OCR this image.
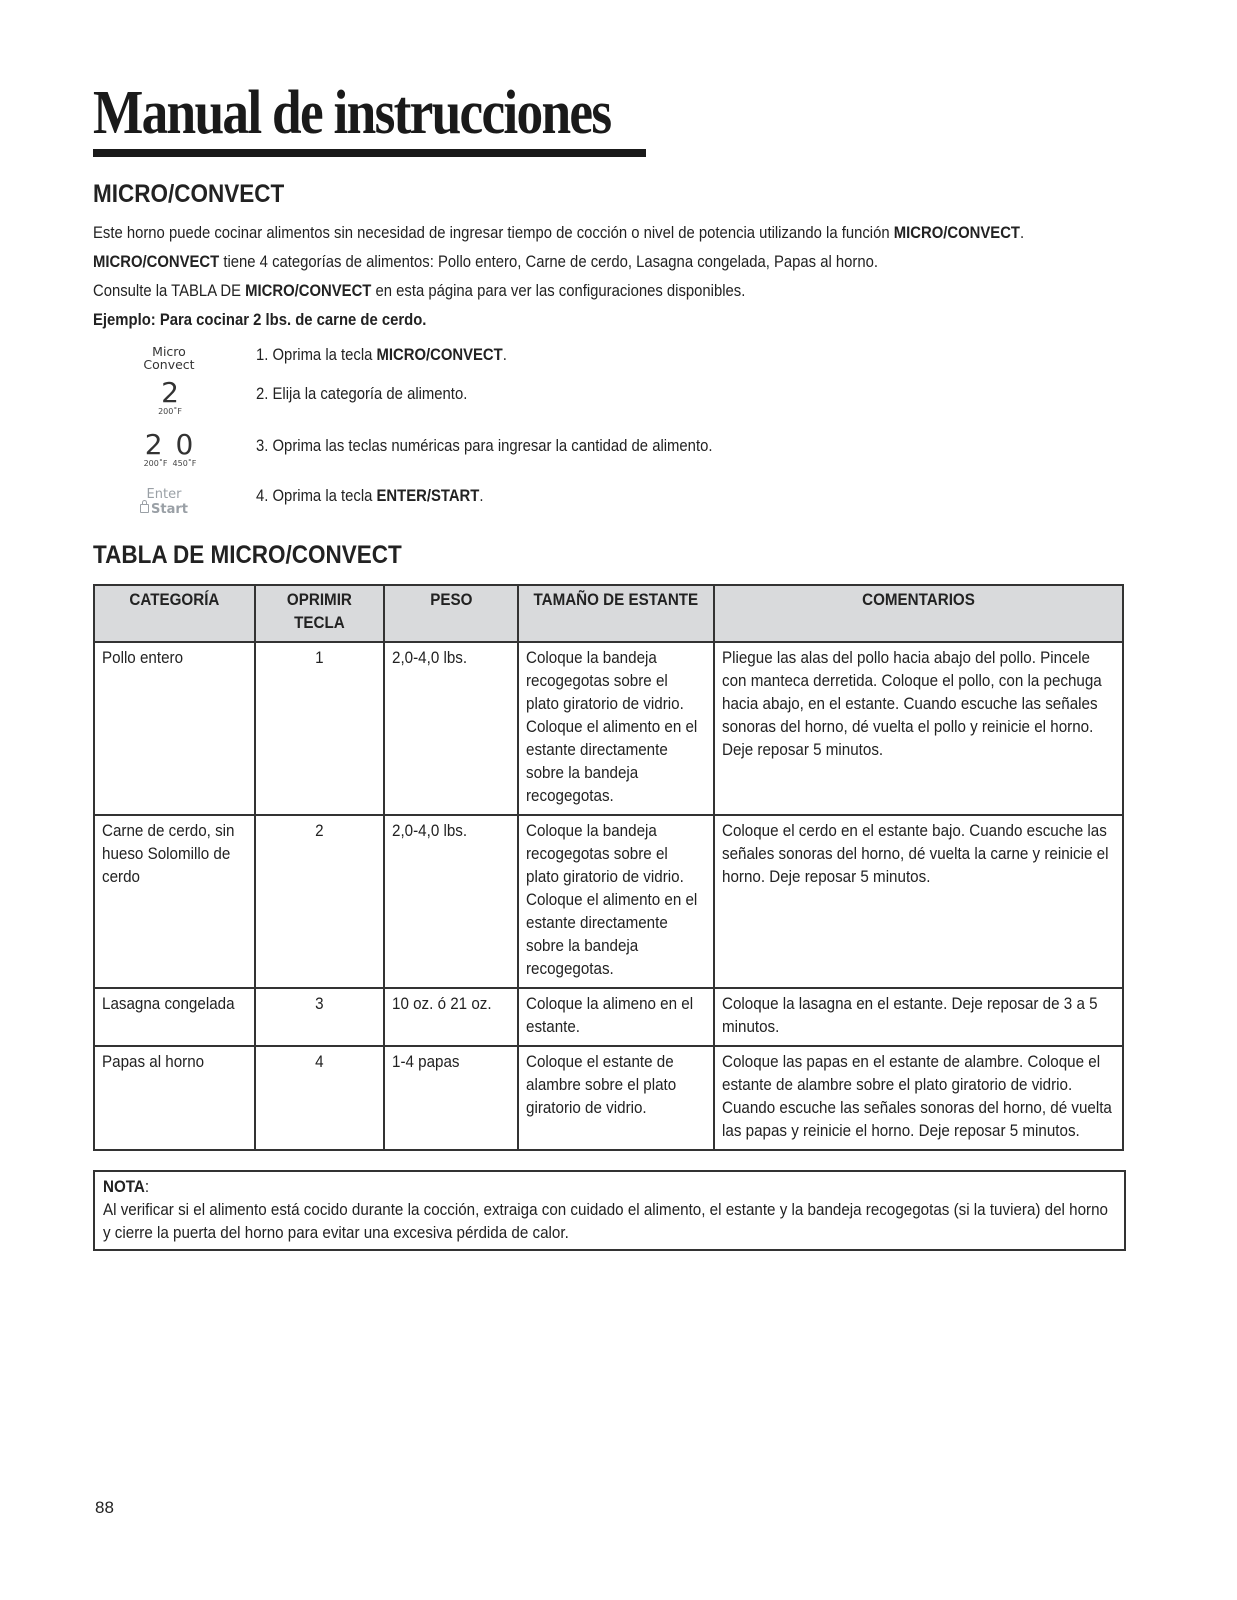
Manual de instrucciones
MICRO/CONVECT

Este horno puede cocinar alimentos sin necesidad de ingresar tiempo de cocción o nivel de potencia utilizando la función MICRO/CONVECT.

MICRO/CONVECT tiene 4 categorías de alimentos: Pollo entero, Carne de cerdo, Lasagna congelada, Papas al horno.

Consulte la TABLA DE MICRO/CONVECT en esta página para ver las configuraciones disponibles.

Ejemplo: Para cocinar 2 lbs. de carne de cerdo.

Micro
Convect
2
200˚F
2 0
200˚F  450˚F
Enter
Start
1. Oprima la tecla MICRO/CONVECT.
2. Elija la categoría de alimento.
3. Oprima las teclas numéricas para ingresar la cantidad de alimento.
4. Oprima la tecla ENTER/START.
TABLA DE MICRO/CONVECT
CATEGORÍA	OPRIMIR TECLA	PESO	TAMAÑO DE ESTANTE	COMENTARIOS

Pollo entero	1	2,0-4,0 lbs.	Coloque la bandeja recogegotas sobre el plato giratorio de vidrio. Coloque el alimento en el estante directamente sobre la bandeja recogegotas.	Pliegue las alas del pollo hacia abajo del pollo. Pincele con manteca derretida. Coloque el pollo, con la pechuga hacia abajo, en el estante. Cuando escuche las señales sonoras del horno, dé vuelta el pollo y reinicie el horno. Deje reposar 5 minutos.

Carne de cerdo, sin hueso Solomillo de cerdo	2	2,0-4,0 lbs.	Coloque la bandeja recogegotas sobre el plato giratorio de vidrio. Coloque el alimento en el estante directamente sobre la bandeja recogegotas.	Coloque el cerdo en el estante bajo. Cuando escuche las señales sonoras del horno, dé vuelta la carne y reinicie el horno. Deje reposar 5 minutos.

Lasagna congelada	3	10 oz. ó 21 oz.	Coloque la alimeno en el estante.	Coloque la lasagna en el estante. Deje reposar de 3 a 5 minutos.

Papas al horno	4	1-4 papas	Coloque el estante de alambre sobre el plato giratorio de vidrio.	Coloque las papas en el estante de alambre. Coloque el estante de alambre sobre el plato giratorio de vidrio. Cuando escuche las señales sonoras del horno, dé vuelta las papas y reinicie el horno. Deje reposar 5 minutos.
NOTA:
Al verificar si el alimento está cocido durante la cocción, extraiga con cuidado el alimento, el estante y la bandeja recogegotas (si la tuviera) del horno y cierre la puerta del horno para evitar una excesiva pérdida de calor.
88
